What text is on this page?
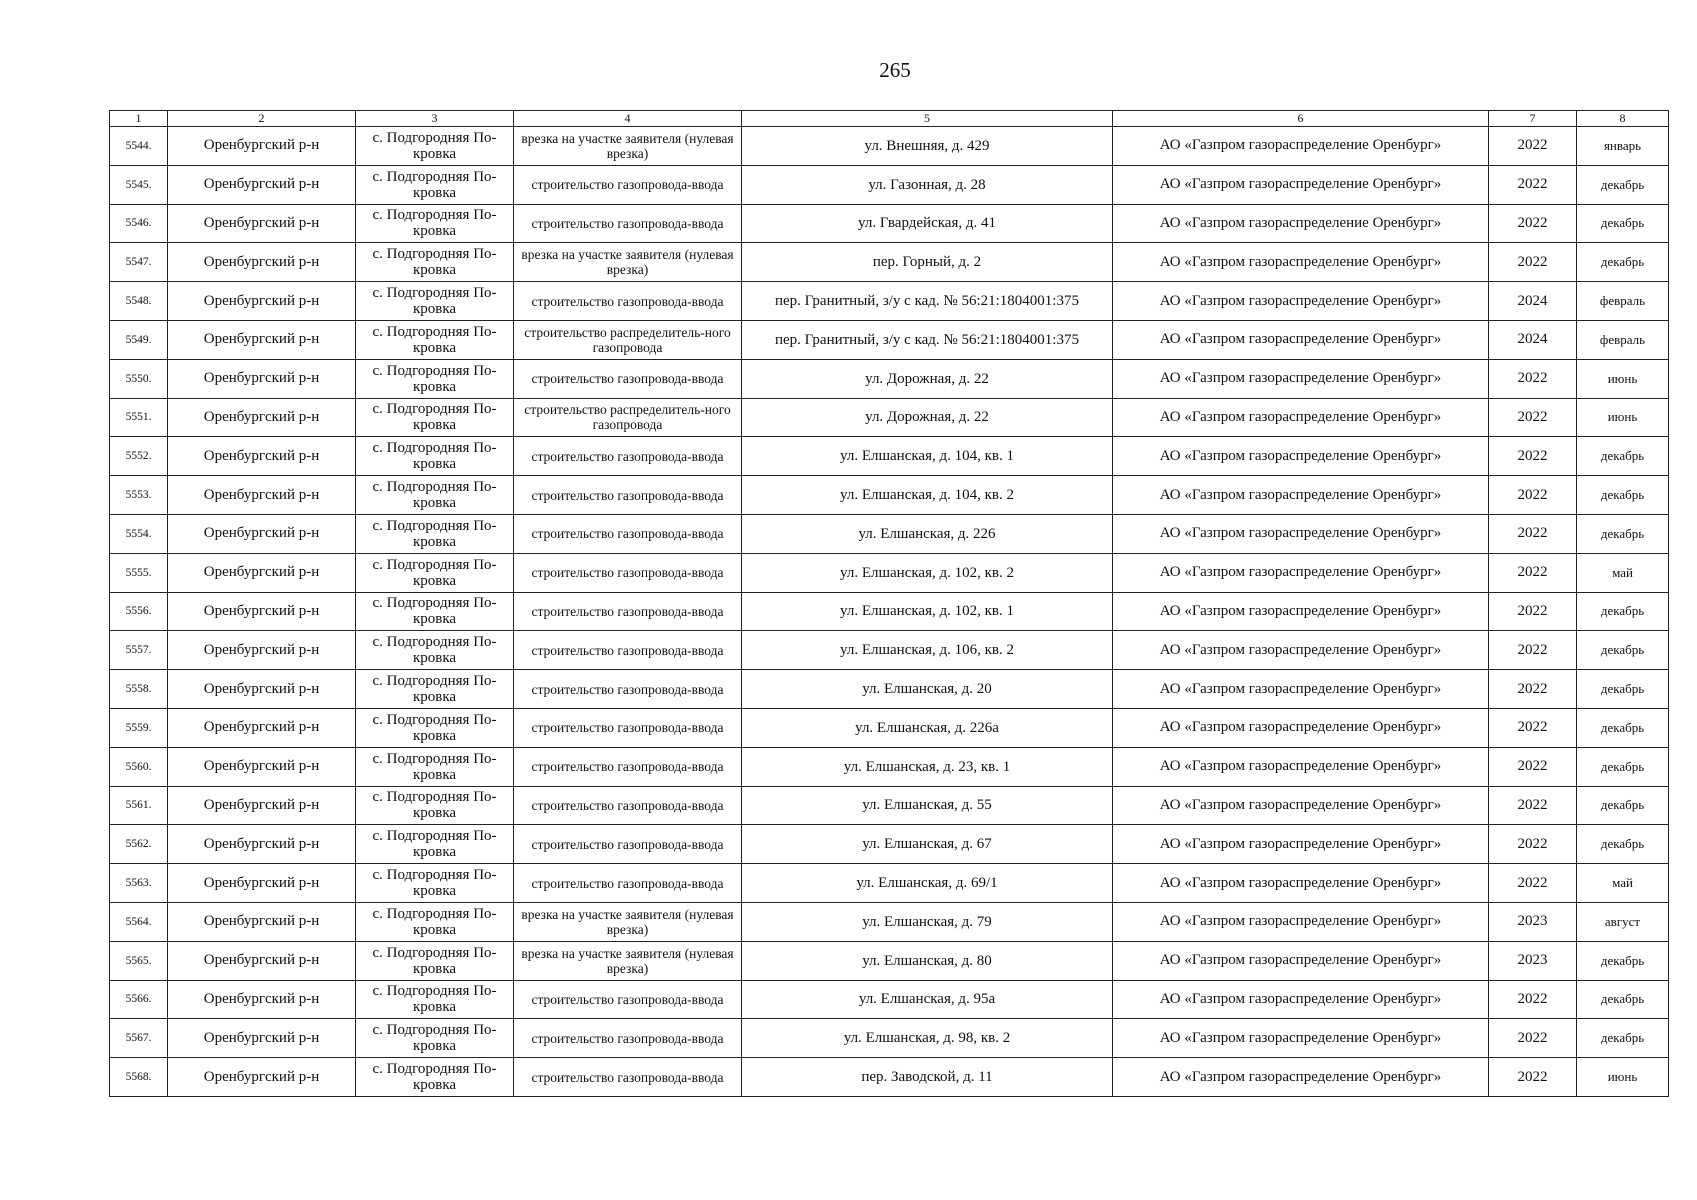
265
1	2	3	4	5	6	7	8
5544.	Оренбургский р-н	с. Подгородняя По-кровка	врезка на участке заявителя (нулевая врезка)	ул. Внешняя, д. 429	АО «Газпром газораспределение Оренбург»	2022	январь
5545.	Оренбургский р-н	с. Подгородняя По-кровка	строительство газопровода-ввода	ул. Газонная, д. 28	АО «Газпром газораспределение Оренбург»	2022	декабрь
5546.	Оренбургский р-н	с. Подгородняя По-кровка	строительство газопровода-ввода	ул. Гвардейская, д. 41	АО «Газпром газораспределение Оренбург»	2022	декабрь
5547.	Оренбургский р-н	с. Подгородняя По-кровка	врезка на участке заявителя (нулевая врезка)	пер. Горный, д. 2	АО «Газпром газораспределение Оренбург»	2022	декабрь
5548.	Оренбургский р-н	с. Подгородняя По-кровка	строительство газопровода-ввода	пер. Гранитный, з/у с кад. № 56:21:1804001:375	АО «Газпром газораспределение Оренбург»	2024	февраль
5549.	Оренбургский р-н	с. Подгородняя По-кровка	строительство распределитель-ного газопровода	пер. Гранитный, з/у с кад. № 56:21:1804001:375	АО «Газпром газораспределение Оренбург»	2024	февраль
5550.	Оренбургский р-н	с. Подгородняя По-кровка	строительство газопровода-ввода	ул. Дорожная, д. 22	АО «Газпром газораспределение Оренбург»	2022	июнь
5551.	Оренбургский р-н	с. Подгородняя По-кровка	строительство распределитель-ного газопровода	ул. Дорожная, д. 22	АО «Газпром газораспределение Оренбург»	2022	июнь
5552.	Оренбургский р-н	с. Подгородняя По-кровка	строительство газопровода-ввода	ул. Елшанская, д. 104, кв. 1	АО «Газпром газораспределение Оренбург»	2022	декабрь
5553.	Оренбургский р-н	с. Подгородняя По-кровка	строительство газопровода-ввода	ул. Елшанская, д. 104, кв. 2	АО «Газпром газораспределение Оренбург»	2022	декабрь
5554.	Оренбургский р-н	с. Подгородняя По-кровка	строительство газопровода-ввода	ул. Елшанская, д. 226	АО «Газпром газораспределение Оренбург»	2022	декабрь
5555.	Оренбургский р-н	с. Подгородняя По-кровка	строительство газопровода-ввода	ул. Елшанская, д. 102, кв. 2	АО «Газпром газораспределение Оренбург»	2022	май
5556.	Оренбургский р-н	с. Подгородняя По-кровка	строительство газопровода-ввода	ул. Елшанская, д. 102, кв. 1	АО «Газпром газораспределение Оренбург»	2022	декабрь
5557.	Оренбургский р-н	с. Подгородняя По-кровка	строительство газопровода-ввода	ул. Елшанская, д. 106, кв. 2	АО «Газпром газораспределение Оренбург»	2022	декабрь
5558.	Оренбургский р-н	с. Подгородняя По-кровка	строительство газопровода-ввода	ул. Елшанская, д. 20	АО «Газпром газораспределение Оренбург»	2022	декабрь
5559.	Оренбургский р-н	с. Подгородняя По-кровка	строительство газопровода-ввода	ул. Елшанская, д. 226а	АО «Газпром газораспределение Оренбург»	2022	декабрь
5560.	Оренбургский р-н	с. Подгородняя По-кровка	строительство газопровода-ввода	ул. Елшанская, д. 23, кв. 1	АО «Газпром газораспределение Оренбург»	2022	декабрь
5561.	Оренбургский р-н	с. Подгородняя По-кровка	строительство газопровода-ввода	ул. Елшанская, д. 55	АО «Газпром газораспределение Оренбург»	2022	декабрь
5562.	Оренбургский р-н	с. Подгородняя По-кровка	строительство газопровода-ввода	ул. Елшанская, д. 67	АО «Газпром газораспределение Оренбург»	2022	декабрь
5563.	Оренбургский р-н	с. Подгородняя По-кровка	строительство газопровода-ввода	ул. Елшанская, д. 69/1	АО «Газпром газораспределение Оренбург»	2022	май
5564.	Оренбургский р-н	с. Подгородняя По-кровка	врезка на участке заявителя (нулевая врезка)	ул. Елшанская, д. 79	АО «Газпром газораспределение Оренбург»	2023	август
5565.	Оренбургский р-н	с. Подгородняя По-кровка	врезка на участке заявителя (нулевая врезка)	ул. Елшанская, д. 80	АО «Газпром газораспределение Оренбург»	2023	декабрь
5566.	Оренбургский р-н	с. Подгородняя По-кровка	строительство газопровода-ввода	ул. Елшанская, д. 95а	АО «Газпром газораспределение Оренбург»	2022	декабрь
5567.	Оренбургский р-н	с. Подгородняя По-кровка	строительство газопровода-ввода	ул. Елшанская, д. 98, кв. 2	АО «Газпром газораспределение Оренбург»	2022	декабрь
5568.	Оренбургский р-н	с. Подгородняя По-кровка	строительство газопровода-ввода	пер. Заводской, д. 11	АО «Газпром газораспределение Оренбург»	2022	июнь
